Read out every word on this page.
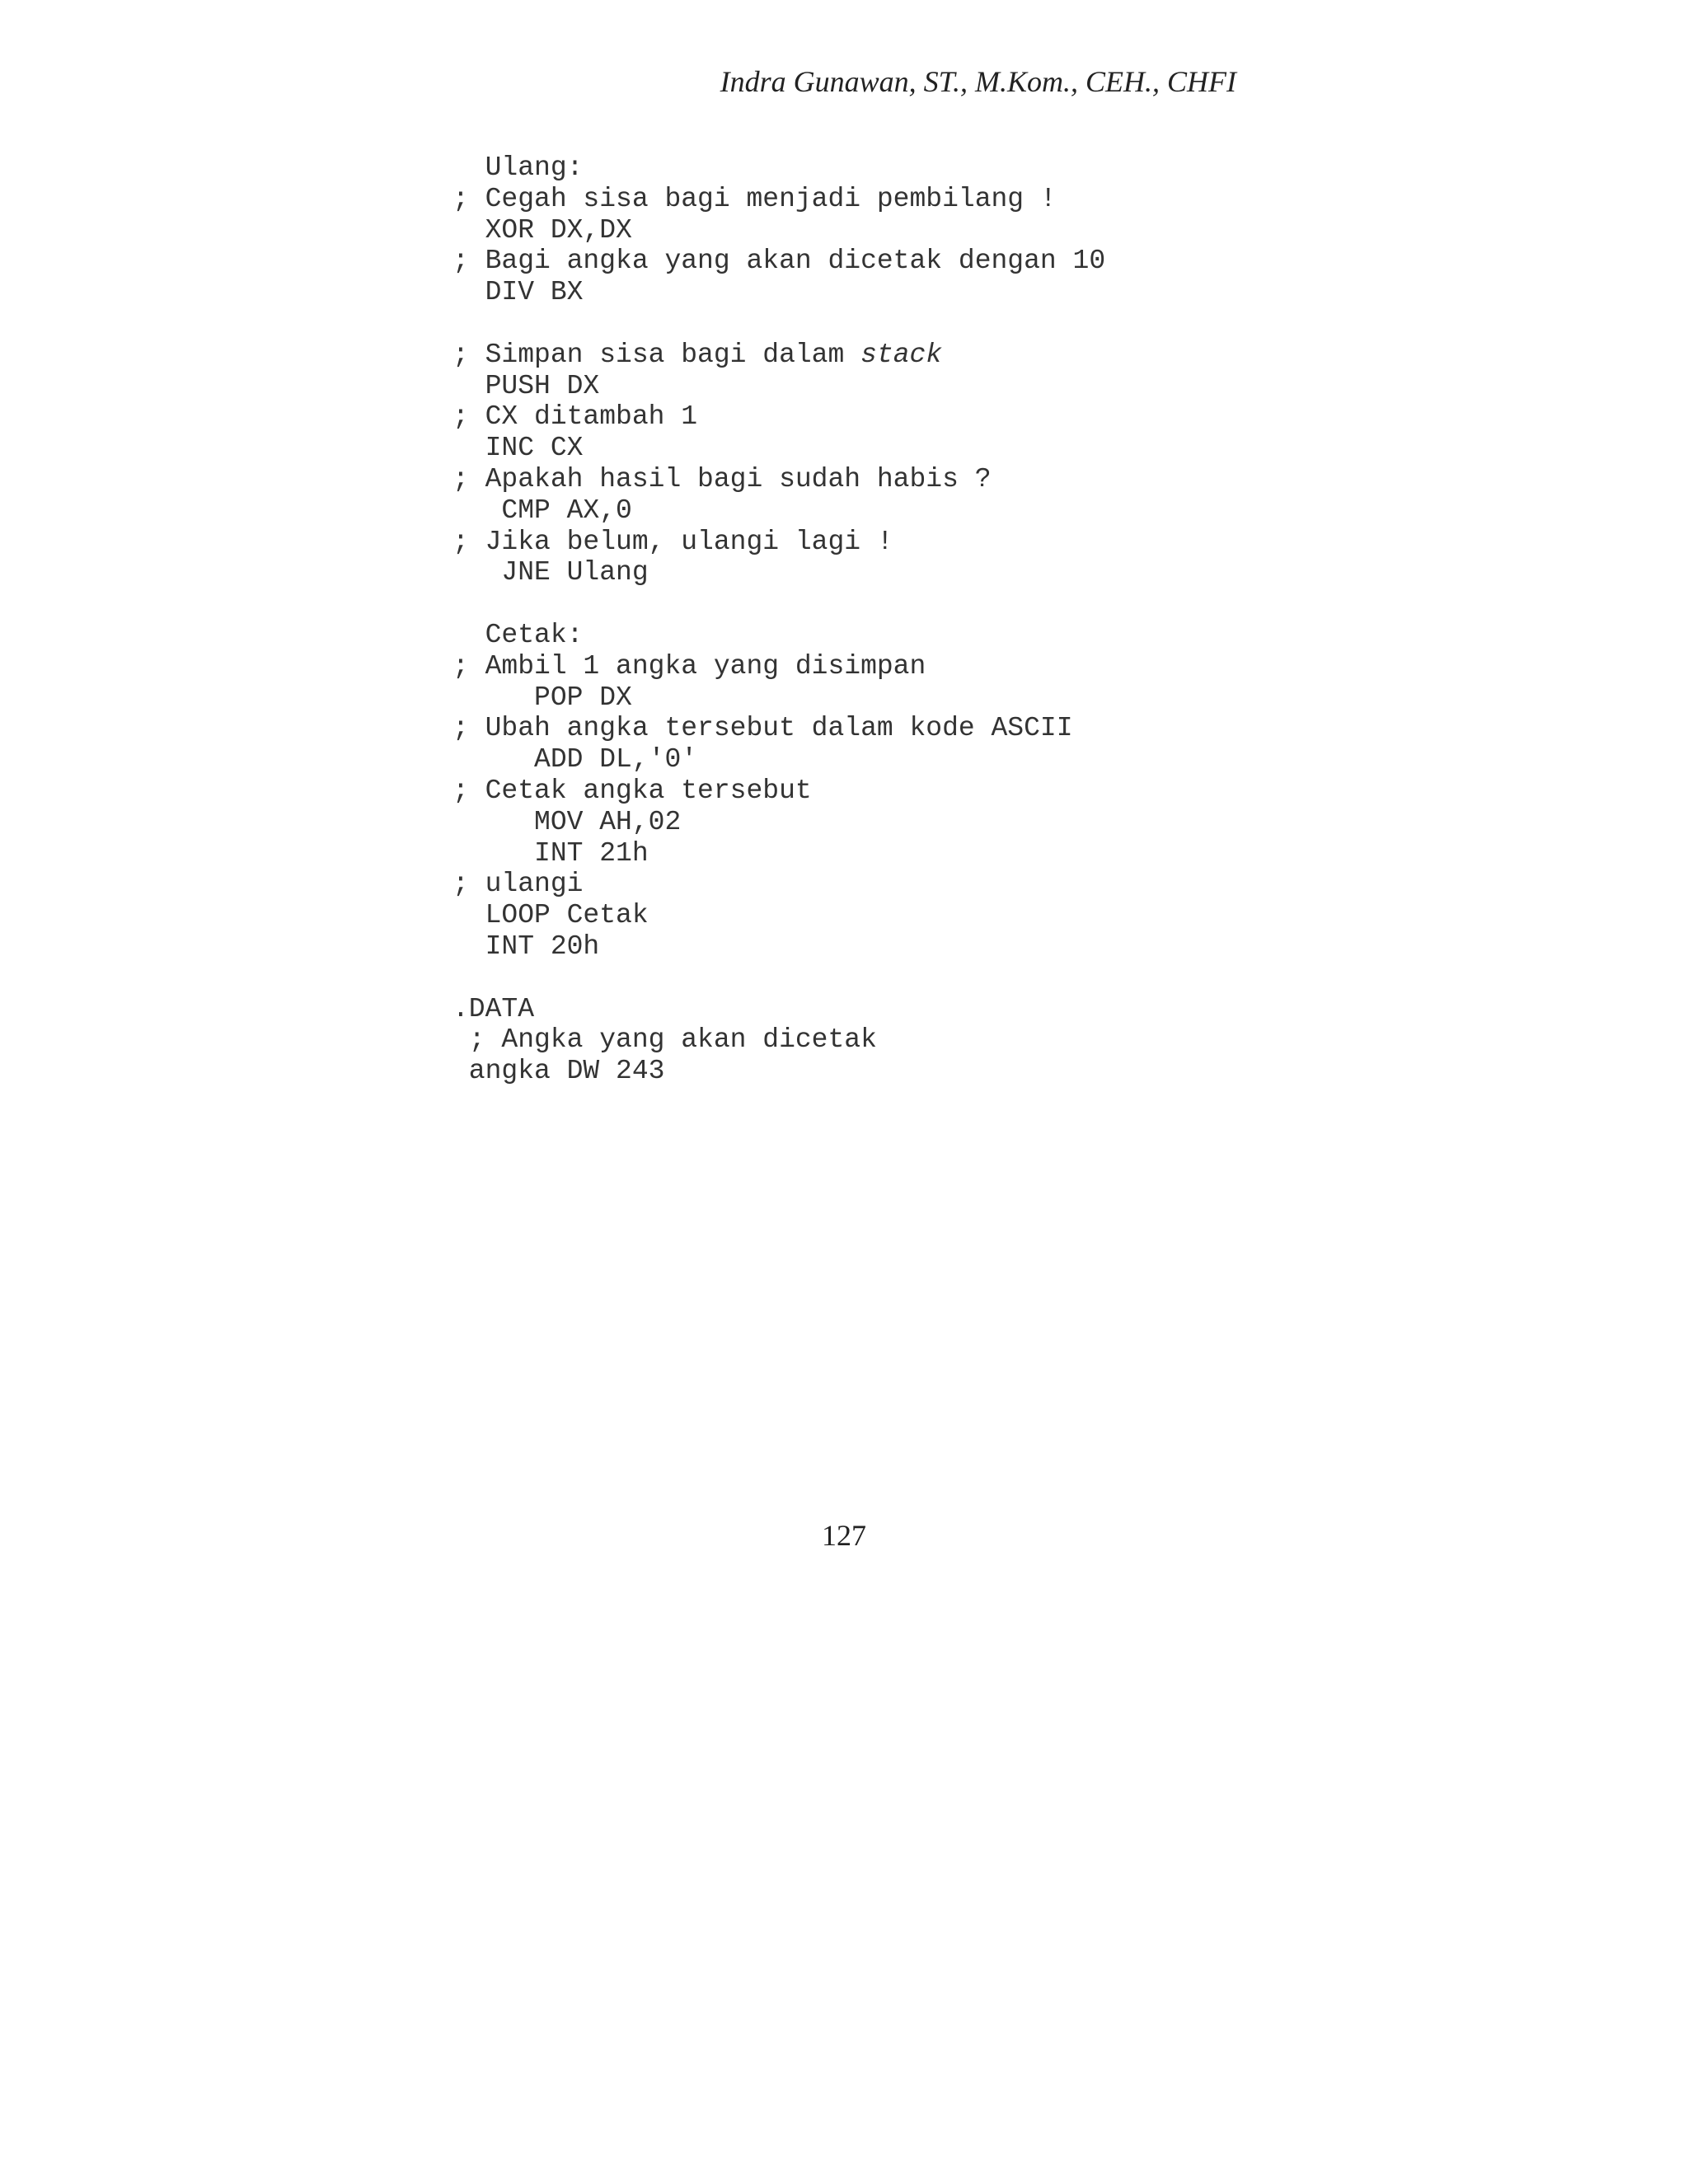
Indra Gunawan, ST., M.Kom., CEH., CHFI
Ulang:
; Cegah sisa bagi menjadi pembilang !
XOR DX,DX
; Bagi angka yang akan dicetak dengan 10
DIV BX
; Simpan sisa bagi dalam stack
PUSH DX
; CX ditambah 1
INC CX
; Apakah hasil bagi sudah habis ?
CMP AX,0
; Jika belum, ulangi lagi !
JNE Ulang
Cetak:
; Ambil 1 angka yang disimpan
POP DX
; Ubah angka tersebut dalam kode ASCII
ADD DL,'0'
; Cetak angka tersebut
MOV AH,02
INT 21h
; ulangi
LOOP Cetak
INT 20h
.DATA
; Angka yang akan dicetak
angka DW 243
127
